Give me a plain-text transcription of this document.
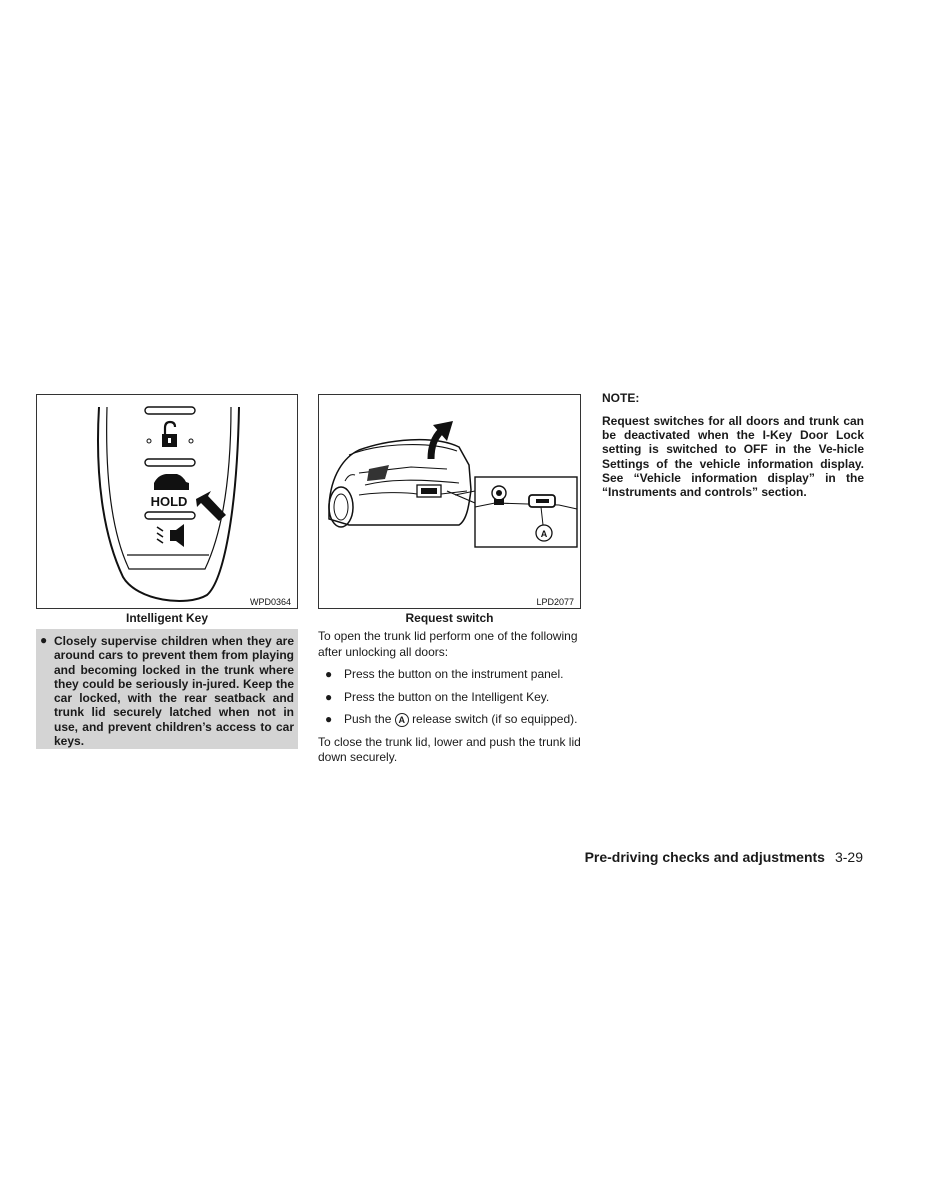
HOLD
WPD0364
Intelligent Key
A
LPD2077
Request switch
● Closely supervise children when they are around cars to prevent them from playing and becoming locked in the trunk where they could be seriously in-jured. Keep the car locked, with the rear seatback and trunk lid securely latched when not in use, and prevent children’s access to car keys.

To open the trunk lid perform one of the following after unlocking all doors:

● Press the button on the instrument panel.
● Press the button on the Intelligent Key.
● Push the A release switch (if so equipped).

To close the trunk lid, lower and push the trunk lid down securely.

NOTE:
Request switches for all doors and trunk can be deactivated when the I-Key Door Lock setting is switched to OFF in the Ve-hicle Settings of the vehicle information display. See “Vehicle information display” in the “Instruments and controls” section.
Pre-driving checks and adjustments 3-29
